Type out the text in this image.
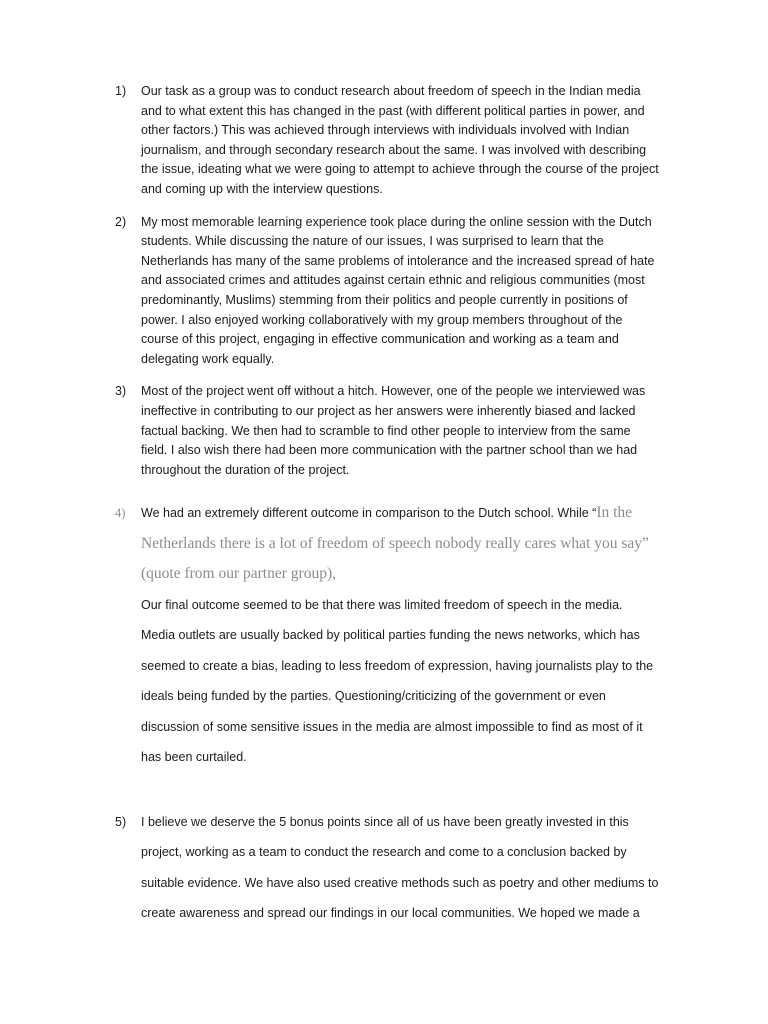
1)	Our task as a group was to conduct research about freedom of speech in the Indian media and to what extent this has changed in the past (with different political parties in power, and other factors.) This was achieved through interviews with individuals involved with Indian journalism, and through secondary research about the same. I was involved with describing the issue, ideating what we were going to attempt to achieve through the course of the project and coming up with the interview questions.
2)	My most memorable learning experience took place during the online session with the Dutch students. While discussing the nature of our issues, I was surprised to learn that the Netherlands has many of the same problems of intolerance and the increased spread of hate and associated crimes and attitudes against certain ethnic and religious communities (most predominantly, Muslims) stemming from their politics and people currently in positions of power. I also enjoyed working collaboratively with my group members throughout of the course of this project, engaging in effective communication and working as a team and delegating work equally.
3)	Most of the project went off without a hitch. However, one of the people we interviewed was ineffective in contributing to our project as her answers were inherently biased and lacked factual backing. We then had to scramble to find other people to interview from the same field. I also wish there had been more communication with the partner school than we had throughout the duration of the project.
4)	We had an extremely different outcome in comparison to the Dutch school. While “In the Netherlands there is a lot of freedom of speech nobody really cares what you say” (quote from our partner group),
Our final outcome seemed to be that there was limited freedom of speech in the media. Media outlets are usually backed by political parties funding the news networks, which has seemed to create a bias, leading to less freedom of expression, having journalists play to the ideals being funded by the parties. Questioning/criticizing of the government or even discussion of some sensitive issues in the media are almost impossible to find as most of it has been curtailed.
5)	I believe we deserve the 5 bonus points since all of us have been greatly invested in this project, working as a team to conduct the research and come to a conclusion backed by suitable evidence. We have also used creative methods such as poetry and other mediums to create awareness and spread our findings in our local communities. We hoped we made a
